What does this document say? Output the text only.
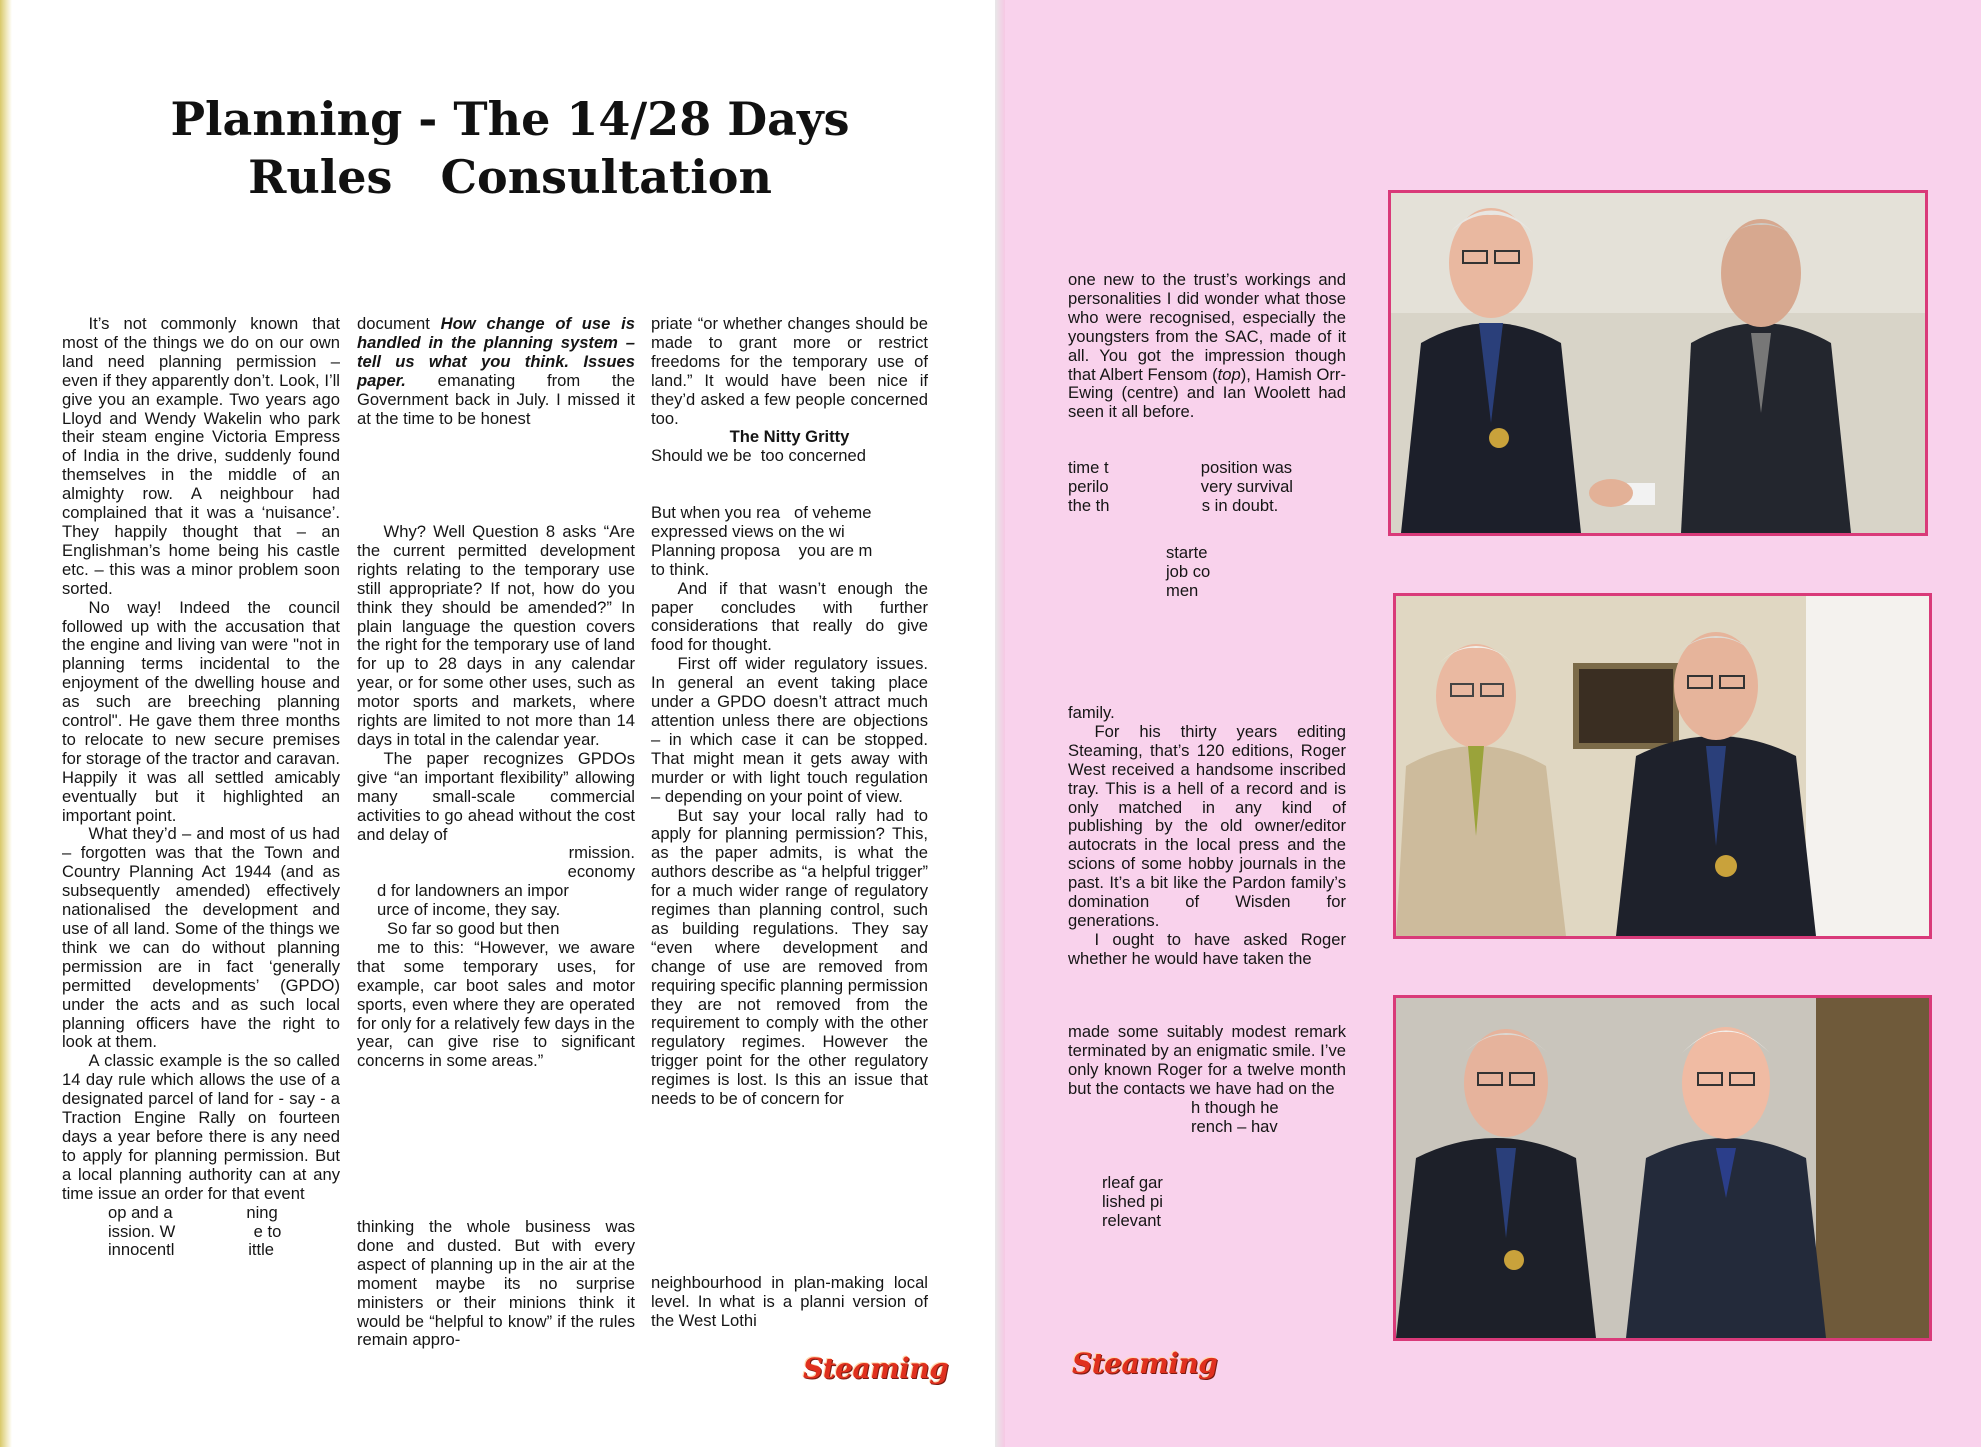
Planning - The 14/28 Days
Rules   Consultation

It’s not commonly known that most of the things we do on our own land need planning permission – even if they apparently don’t. Look, I’ll give you an example. Two years ago Lloyd and Wendy Wakelin who park their steam engine Victoria Empress of India in the drive, suddenly found themselves in the middle of an almighty row. A neighbour had complained that it was a ‘nuisance’. They happily thought that – an Englishman’s home being his castle etc. – this was a minor problem soon sorted.

No way! Indeed the council followed up with the accusation that the engine and living van were "not in planning terms incidental to the enjoyment of the dwelling house and as such are breeching planning control". He gave them three months to relocate to new secure premises for storage of the tractor and caravan. Happily it was all settled amicably eventually but it highlighted an important point.

What they’d – and most of us had – forgotten was that the Town and Country Planning Act 1944 (and as subsequently amended) effectively nationalised the development and use of all land. Some of the things we think we can do without planning permission are in fact ‘generally permitted developments’ (GPDO) under the acts and as such local planning officers have the right to look at them.

A classic example is the so called 14 day rule which allows the use of a designated parcel of land for - say - a Traction Engine Rally on fourteen days a year before there is any need to apply for planning permission. But a local planning authority can at any time issue an order for that event

op and a                ning

ission. W                 e to

innocentl                ittle

document How change of use is handled in the planning system – tell us what you think. Issues paper. emanating from the Government back in July. I missed it at the time to be honest

Why? Well Question 8 asks “Are the current permitted development rights relating to the temporary use still appropriate? If not, how do you think they should be amended?” In plain language the question covers the right for the temporary use of land for up to 28 days in any calendar year, or for some other uses, such as motor sports and markets, where rights are limited to not more than 14 days in total in the calendar year.

The paper recognizes GPDOs give “an important flexibility” allowing many small-scale commercial activities to go ahead without the cost and delay of

rmission.

economy

d for landowners an impor

urce of income, they say.

So far so good but then

me to this: “However, we aware that some temporary uses, for example, car boot sales and motor sports, even where they are operated for only for a relatively few days in the year, can give rise to significant concerns in some areas.”

thinking the whole business was done and dusted. But with every aspect of planning up in the air at the moment maybe its no surprise ministers or their minions think it would be “helpful to know” if the rules remain appro-

priate “or whether changes should be made to grant more or restrict freedoms for the temporary use of land.” It would have been nice if they’d asked a few people concerned too.

The Nitty Gritty

Should we be  too concerned

But when you rea   of veheme

expressed views on the wi

Planning proposa    you are m

to think.

And if that wasn’t enough the paper concludes with further considerations that really do give food for thought.

First off wider regulatory issues. In general an event taking place under a GPDO doesn’t attract much attention unless there are objections – in which case it can be stopped. That might mean it gets away with murder or with light touch regulation – depending on your point of view.

But say your local rally had to apply for planning permission? This, as the paper admits, is what the authors describe as “a helpful trigger” for a much wider range of regulatory regimes than planning control, such as building regulations. They say “even where development and change of use are removed from requiring specific planning permission they are not removed from the requirement to comply with the other regulatory regimes. However the trigger point for the other regulatory regimes is lost. Is this an issue that needs to be of concern for

neighbourhood in plan-making local level. In what is a planni version of the West Lothi

Steaming

one new to the trust’s workings and personalities I did wonder what those who were recognised, especially the youngsters from the SAC, made of it all. You got the impression though that Albert Fensom (top), Hamish Orr-Ewing (centre) and Ian Woolett had seen it all before.

time t                    position was

perilo                    very survival

the th                    s in doubt.

starte

job co

men

family.

For his thirty years editing Steaming, that’s 120 editions, Roger West received a handsome inscribed tray. This is a hell of a record and is only matched in any kind of publishing by the old owner/editor autocrats in the local press and the scions of some hobby journals in the past. It’s a bit like the Pardon family’s domination of Wisden for generations.

I ought to have asked Roger whether he would have taken the

made some suitably modest remark terminated by an enigmatic smile. I’ve only known Roger for a twelve month but the contacts we have had on the

h though he

rench – hav

rleaf gar

lished pi

relevant

Steaming
